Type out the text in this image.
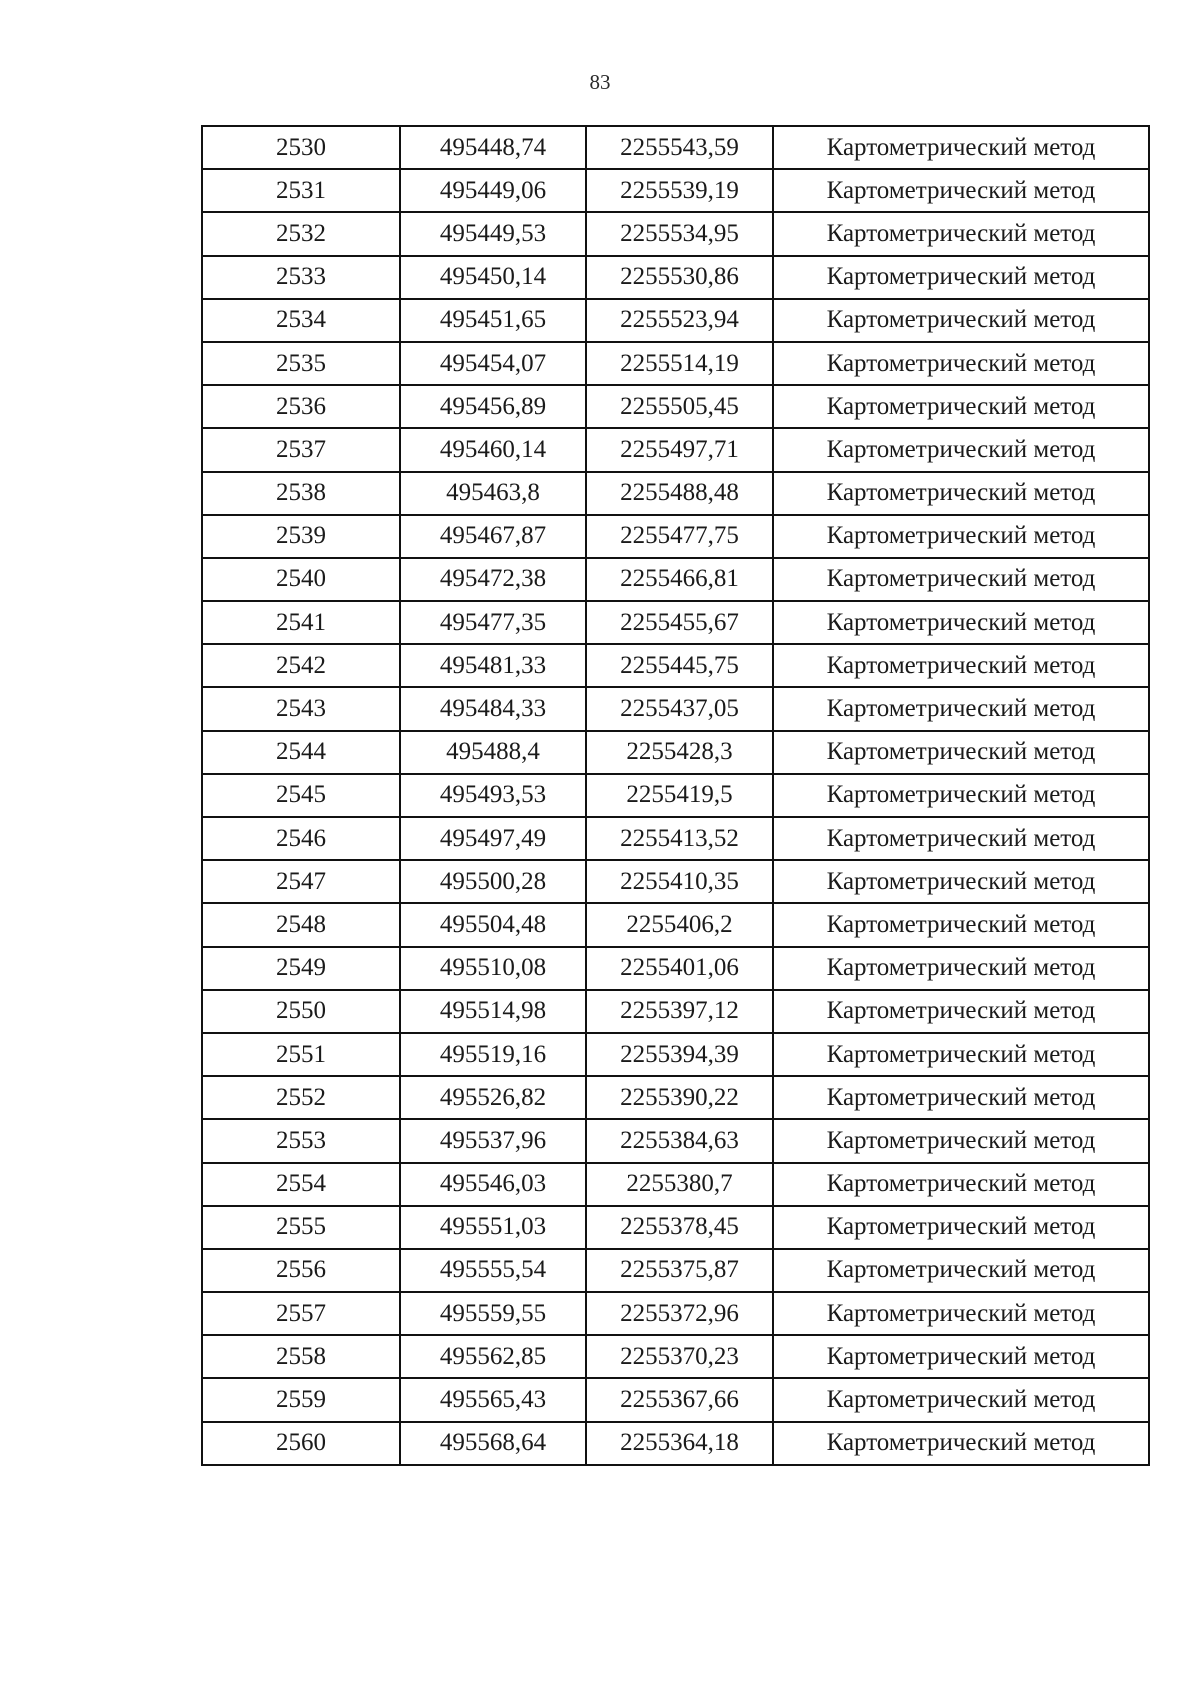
83
2530	495448,74	2255543,59	Картометрический метод
2531	495449,06	2255539,19	Картометрический метод
2532	495449,53	2255534,95	Картометрический метод
2533	495450,14	2255530,86	Картометрический метод
2534	495451,65	2255523,94	Картометрический метод
2535	495454,07	2255514,19	Картометрический метод
2536	495456,89	2255505,45	Картометрический метод
2537	495460,14	2255497,71	Картометрический метод
2538	495463,8	2255488,48	Картометрический метод
2539	495467,87	2255477,75	Картометрический метод
2540	495472,38	2255466,81	Картометрический метод
2541	495477,35	2255455,67	Картометрический метод
2542	495481,33	2255445,75	Картометрический метод
2543	495484,33	2255437,05	Картометрический метод
2544	495488,4	2255428,3	Картометрический метод
2545	495493,53	2255419,5	Картометрический метод
2546	495497,49	2255413,52	Картометрический метод
2547	495500,28	2255410,35	Картометрический метод
2548	495504,48	2255406,2	Картометрический метод
2549	495510,08	2255401,06	Картометрический метод
2550	495514,98	2255397,12	Картометрический метод
2551	495519,16	2255394,39	Картометрический метод
2552	495526,82	2255390,22	Картометрический метод
2553	495537,96	2255384,63	Картометрический метод
2554	495546,03	2255380,7	Картометрический метод
2555	495551,03	2255378,45	Картометрический метод
2556	495555,54	2255375,87	Картометрический метод
2557	495559,55	2255372,96	Картометрический метод
2558	495562,85	2255370,23	Картометрический метод
2559	495565,43	2255367,66	Картометрический метод
2560	495568,64	2255364,18	Картометрический метод
